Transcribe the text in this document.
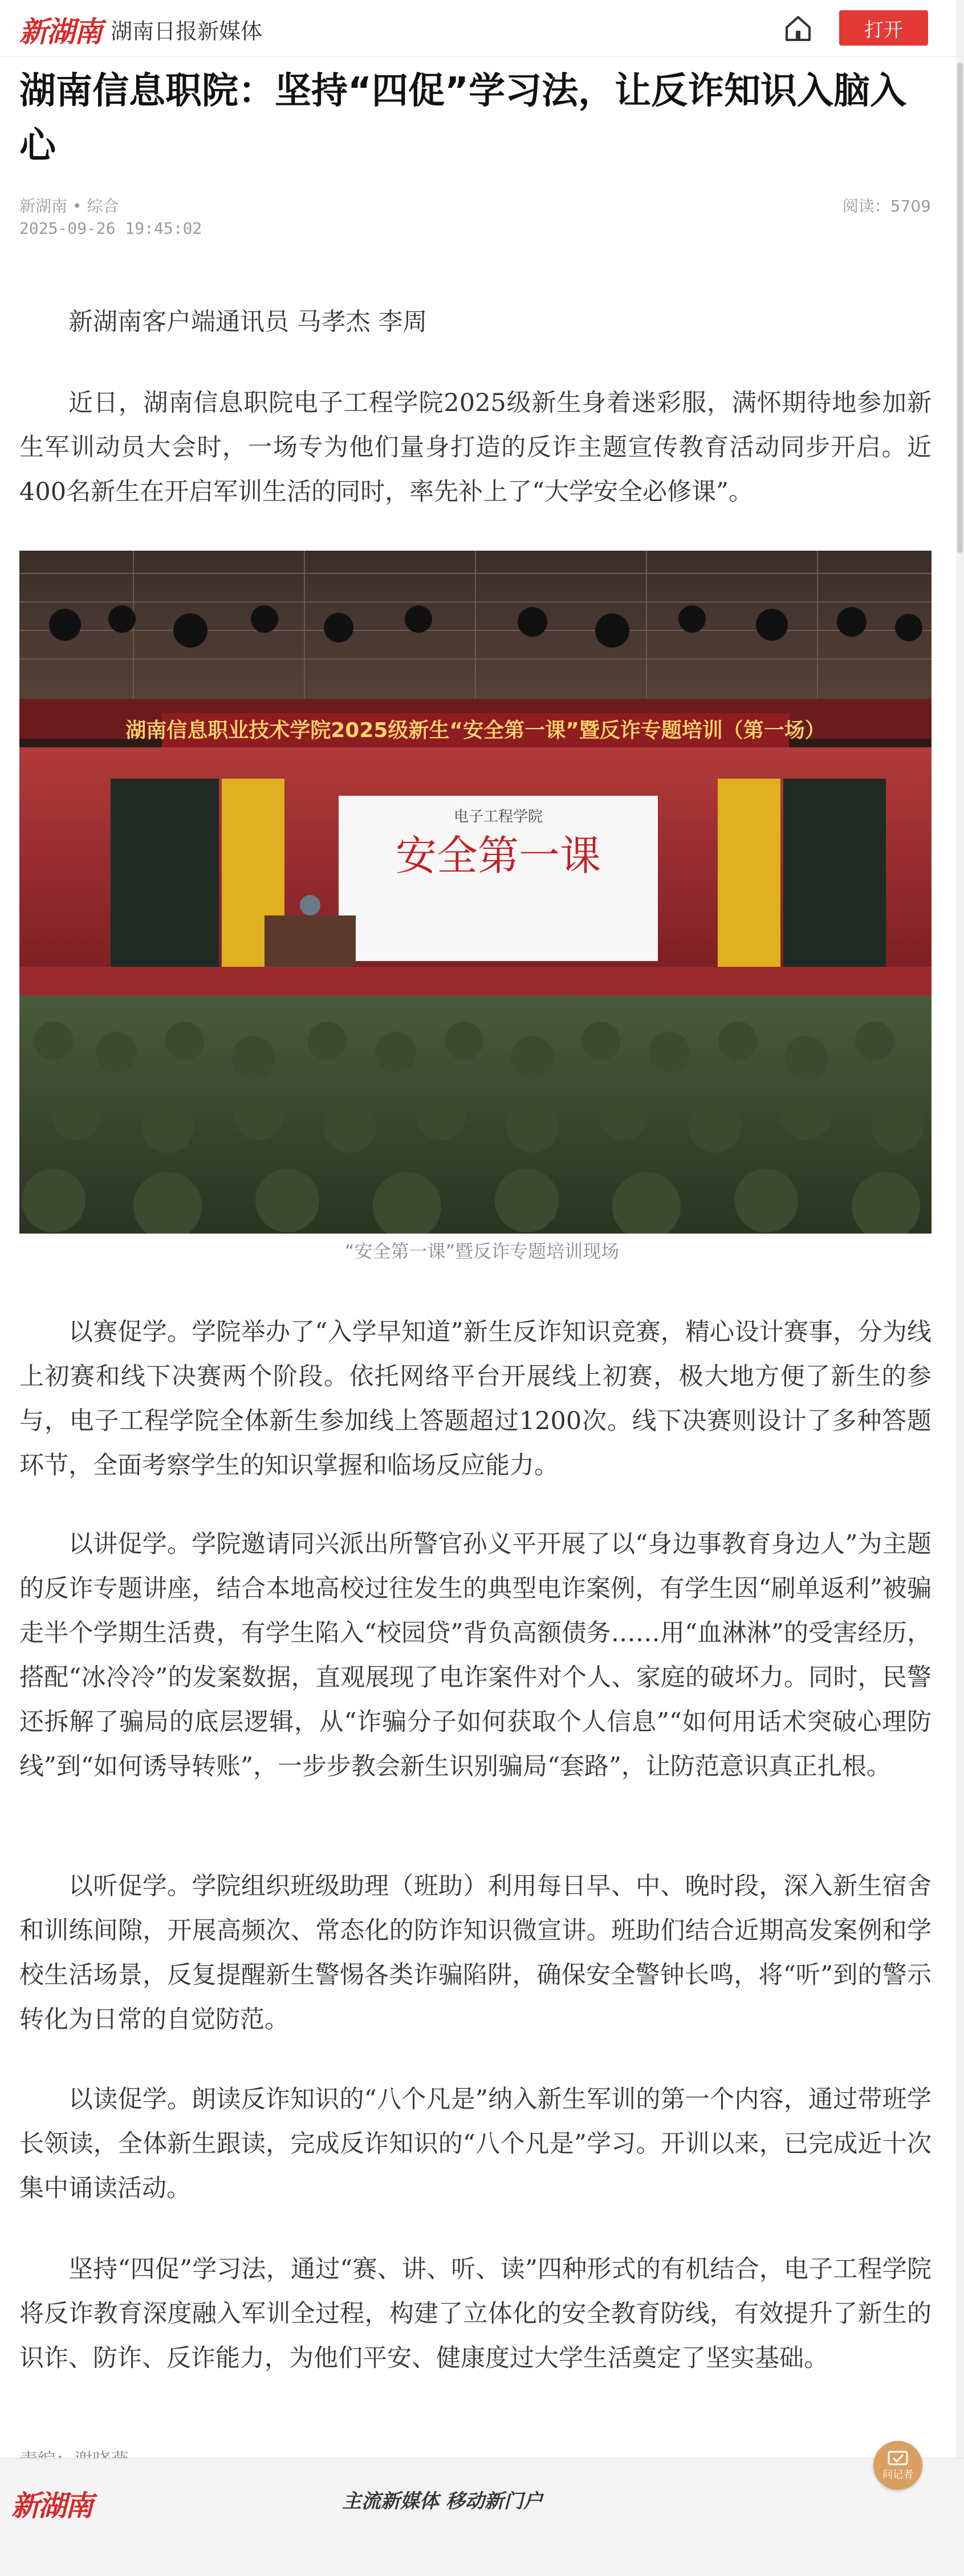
新湖南 湖南日报新媒体	打开
湖南信息职院：坚持“四促”学习法，让反诈知识入脑入心
新湖南 • 综合
2025-09-26 19:45:02
阅读：5709
新湖南客户端通讯员 马孝杰 李周
近日，湖南信息职院电子工程学院2025级新生身着迷彩服，满怀期待地参加新生军训动员大会时，一场专为他们量身打造的反诈主题宣传教育活动同步开启。近400名新生在开启军训生活的同时，率先补上了“大学安全必修课”。
湖南信息职业技术学院2025级新生“安全第一课”暨反诈专题培训（第一场）
电子工程学院
安全第一课
“安全第一课”暨反诈专题培训现场
以赛促学。学院举办了“入学早知道”新生反诈知识竞赛，精心设计赛事，分为线上初赛和线下决赛两个阶段。依托网络平台开展线上初赛，极大地方便了新生的参与，电子工程学院全体新生参加线上答题超过1200次。线下决赛则设计了多种答题环节，全面考察学生的知识掌握和临场反应能力。
以讲促学。学院邀请同兴派出所警官孙义平开展了以“身边事教育身边人”为主题的反诈专题讲座，结合本地高校过往发生的典型电诈案例，有学生因“刷单返利”被骗走半个学期生活费，有学生陷入“校园贷”背负高额债务……用“血淋淋”的受害经历，搭配“冰冷冷”的发案数据，直观展现了电诈案件对个人、家庭的破坏力。同时，民警还拆解了骗局的底层逻辑，从“诈骗分子如何获取个人信息”“如何用话术突破心理防线”到“如何诱导转账”，一步步教会新生识别骗局“套路”，让防范意识真正扎根。
以听促学。学院组织班级助理（班助）利用每日早、中、晚时段，深入新生宿舍和训练间隙，开展高频次、常态化的防诈知识微宣讲。班助们结合近期高发案例和学校生活场景，反复提醒新生警惕各类诈骗陷阱，确保安全警钟长鸣，将“听”到的警示转化为日常的自觉防范。
以读促学。朗读反诈知识的“八个凡是”纳入新生军训的第一个内容，通过带班学长领读，全体新生跟读，完成反诈知识的“八个凡是”学习。开训以来，已完成近十次集中诵读活动。
坚持“四促”学习法，通过“赛、讲、听、读”四种形式的有机结合，电子工程学院将反诈教育深度融入军训全过程，构建了立体化的安全教育防线，有效提升了新生的识诈、防诈、反诈能力，为他们平安、健康度过大学生活奠定了坚实基础。
新湖南	主流新媒体 移动新门户
问记者
